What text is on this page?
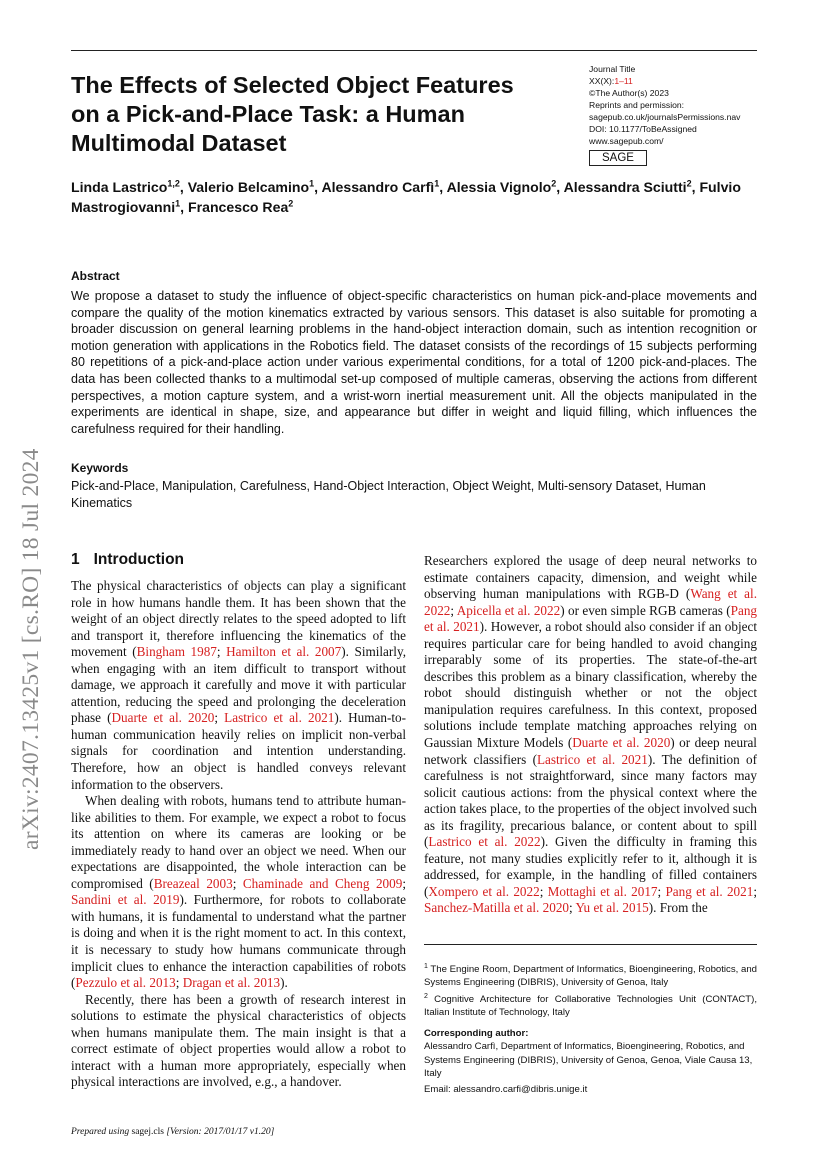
The Effects of Selected Object Features on a Pick-and-Place Task: a Human Multimodal Dataset
Journal Title
XX(X):1–11
©The Author(s) 2023
Reprints and permission:
sagepub.co.uk/journalsPermissions.nav
DOI: 10.1177/ToBeAssigned
www.sagepub.com/
SAGE

Linda Lastrico$^{1,2}$, Valerio Belcamino$^1$, Alessandro Carfì$^1$, Alessia Vignolo$^2$, Alessandra Sciutti$^2$, Fulvio Mastrogiovanni$^1$, Francesco Rea$^2$

Abstract

We propose a dataset to study the influence of object-specific characteristics on human pick-and-place movements and compare the quality of the motion kinematics extracted by various sensors. This dataset is also suitable for promoting a broader discussion on general learning problems in the hand-object interaction domain, such as intention recognition or motion generation with applications in the Robotics field. The dataset consists of the recordings of 15 subjects performing 80 repetitions of a pick-and-place action under various experimental conditions, for a total of 1200 pick-and-places. The data has been collected thanks to a multimodal set-up composed of multiple cameras, observing the actions from different perspectives, a motion capture system, and a wrist-worn inertial measurement unit. All the objects manipulated in the experiments are identical in shape, size, and appearance but differ in weight and liquid filling, which influences the carefulness required for their handling.

Keywords

Pick-and-Place, Manipulation, Carefulness, Hand-Object Interaction, Object Weight, Multi-sensory Dataset, Human Kinematics

1 Introduction

The physical characteristics of objects can play a significant role in how humans handle them. It has been shown that the weight of an object directly relates to the speed adopted to lift and transport it, therefore influencing the kinematics of the movement (Bingham 1987; Hamilton et al. 2007). Similarly, when engaging with an item difficult to transport without damage, we approach it carefully and move it with particular attention, reducing the speed and prolonging the deceleration phase (Duarte et al. 2020; Lastrico et al. 2021). Human-to-human communication heavily relies on implicit non-verbal signals for coordination and intention understanding. Therefore, how an object is handled conveys relevant information to the observers.

When dealing with robots, humans tend to attribute human-like abilities to them. For example, we expect a robot to focus its attention on where its cameras are looking or be immediately ready to hand over an object we need. When our expectations are disappointed, the whole interaction can be compromised (Breazeal 2003; Chaminade and Cheng 2009; Sandini et al. 2019). Furthermore, for robots to collaborate with humans, it is fundamental to understand what the partner is doing and when it is the right moment to act. In this context, it is necessary to study how humans communicate through implicit clues to enhance the interaction capabilities of robots (Pezzulo et al. 2013; Dragan et al. 2013).

Recently, there has been a growth of research interest in solutions to estimate the physical characteristics of objects when humans manipulate them. The main insight is that a correct estimate of object properties would allow a robot to interact with a human more appropriately, especially when physical interactions are involved, e.g., a handover.

Researchers explored the usage of deep neural networks to estimate containers capacity, dimension, and weight while observing human manipulations with RGB-D (Wang et al. 2022; Apicella et al. 2022) or even simple RGB cameras (Pang et al. 2021). However, a robot should also consider if an object requires particular care for being handled to avoid changing irreparably some of its properties. The state-of-the-art describes this problem as a binary classification, whereby the robot should distinguish whether or not the object manipulation requires carefulness. In this context, proposed solutions include template matching approaches relying on Gaussian Mixture Models (Duarte et al. 2020) or deep neural network classifiers (Lastrico et al. 2021). The definition of carefulness is not straightforward, since many factors may solicit cautious actions: from the physical context where the action takes place, to the properties of the object involved such as its fragility, precarious balance, or content about to spill (Lastrico et al. 2022). Given the difficulty in framing this feature, not many studies explicitly refer to it, although it is addressed, for example, in the handling of filled containers (Xompero et al. 2022; Mottaghi et al. 2017; Pang et al. 2021; Sanchez-Matilla et al. 2020; Yu et al. 2015). From the

$^1$ The Engine Room, Department of Informatics, Bioengineering, Robotics, and Systems Engineering (DIBRIS), University of Genoa, Italy

$^2$ Cognitive Architecture for Collaborative Technologies Unit (CONTACT), Italian Institute of Technology, Italy

Corresponding author:

Alessandro Carfì, Department of Informatics, Bioengineering, Robotics, and Systems Engineering (DIBRIS), University of Genoa, Genoa, Viale Causa 13, Italy

Email: alessandro.carfi@dibris.unige.it

Prepared using sagej.cls [Version: 2017/01/17 v1.20]
arXiv:2407.13425v1 [cs.RO] 18 Jul 2024
